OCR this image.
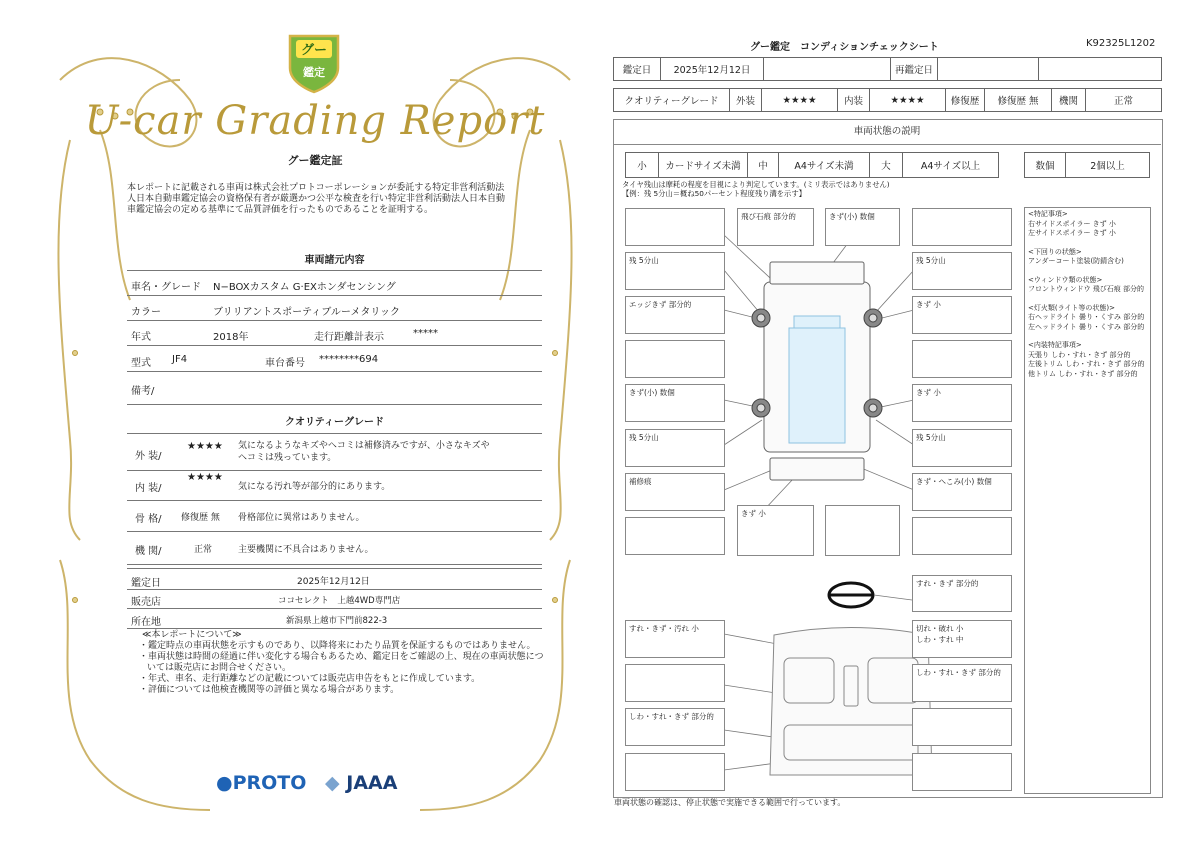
グー
鑑定
U-car Grading Report
グー鑑定証
本レポートに記載される車両は株式会社プロトコーポレーションが委託する特定非営利活動法人日本自動車鑑定協会の資格保有者が厳選かつ公平な検査を行い特定非営利活動法人日本自動車鑑定協会の定める基準にて品質評価を行ったものであることを証明する。
車両諸元内容
車名・グレード N−BOXカスタム G·EXホンダセンシング
カラー	ブリリアントスポーティブルーメタリック
年式	2018年	走行距離計表示	*****
型式 JF4	車台番号 ********694
備考/
クオリティーグレード
外 装/
★★★★ 気になるようなキズやヘコミは補修済みですが、小さなキズやヘコミは残っています。
内 装/
★★★★
気になる汚れ等が部分的にあります。
骨 格/ 修復歴 無 骨格部位に異常はありません。
機 関/	正常	主要機関に不具合はありません。
鑑定日	2025年12月12日
販売店	ココセレクト　上越4WD専門店
所在地	新潟県上越市下門前822-3
≪本レポートについて≫
・鑑定時点の車両状態を示すものであり、以降将来にわたり品質を保証するものではありません。
・車両状態は時間の経過に伴い変化する場合もあるため、鑑定日をご確認の上、現在の車両状態については販売店にお問合せください。
・年式、車名、走行距離などの記載については販売店申告をもとに作成しています。
・評価については他検査機関等の評価と異なる場合があります。
●PROTO ◆ JAAA
グー鑑定　コンディションチェックシート	K92325L1202
鑑定日	2025年12月12日		再鑑定日		
クオリティーグレード	外装	★★★★	内装	★★★★	修復歴	修復歴 無	機関	正常
車両状態の説明
小	カードサイズ未満	中	A4サイズ未満	大	A4サイズ以上	数個	2個以上
タイヤ残山は摩耗の程度を目視により判定しています。(ミリ表示ではありません)
【例：残 5分山＝概ね50パーセント程度残り溝を示す】
<特記事項>
右サイドスポイラー きず 小
左サイドスポイラー きず 小
<下回りの状態>
アンダーコート塗装(防錆含む)
<ウィンドウ類の状態>
フロントウィンドウ 飛び石痕 部分的
<灯火類(ライト等の状態)>
右ヘッドライト 曇り・くすみ 部分的
左ヘッドライト 曇り・くすみ 部分的
<内装特記事項>
天張り しわ・すれ・きず 部分的
左後トリム しわ・すれ・きず 部分的
他トリム しわ・すれ・きず 部分的
飛び石痕 部分的	きず(小) 数個
残 5分山
エッジきず 部分的
きず(小) 数個
残 5分山
補修痕
残 5分山
きず 小
きず 小
残 5分山
きず・へこみ(小) 数個
きず 小
すれ・きず 部分的
すれ・きず・汚れ 小
しわ・すれ・きず 部分的
切れ・破れ 小
しわ・すれ 中
しわ・すれ・きず 部分的
車両状態の確認は、停止状態で実施できる範囲で行っています。
